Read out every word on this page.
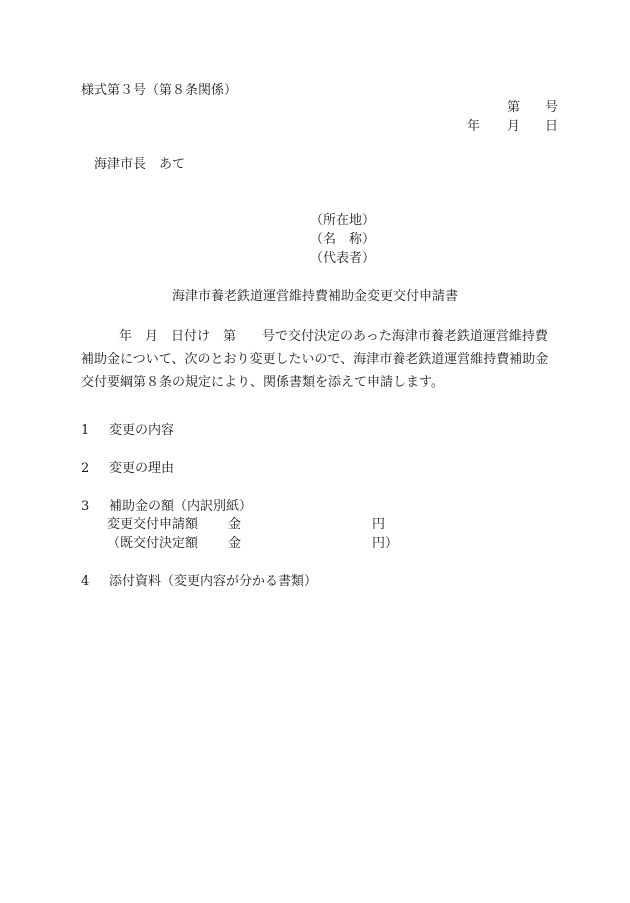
様式第３号（第８条関係）
第 号
年 月 日
海津市長　あて
（所在地）
（名　称）
（代表者）
海津市養老鉄道運営維持費補助金変更交付申請書

年　月　日付け　第　　号で交付決定のあった海津市養老鉄道運営維持費

補助金について、次のとおり変更したいので、海津市養老鉄道運営維持費補助金

交付要綱第８条の規定により、関係書類を添えて申請します。

1 変更の内容
2 変更の理由
3 補助金の額（内訳別紙）
変更交付申請額 金	円
（既交付決定額 金	円）
4 添付資料（変更内容が分かる書類）
